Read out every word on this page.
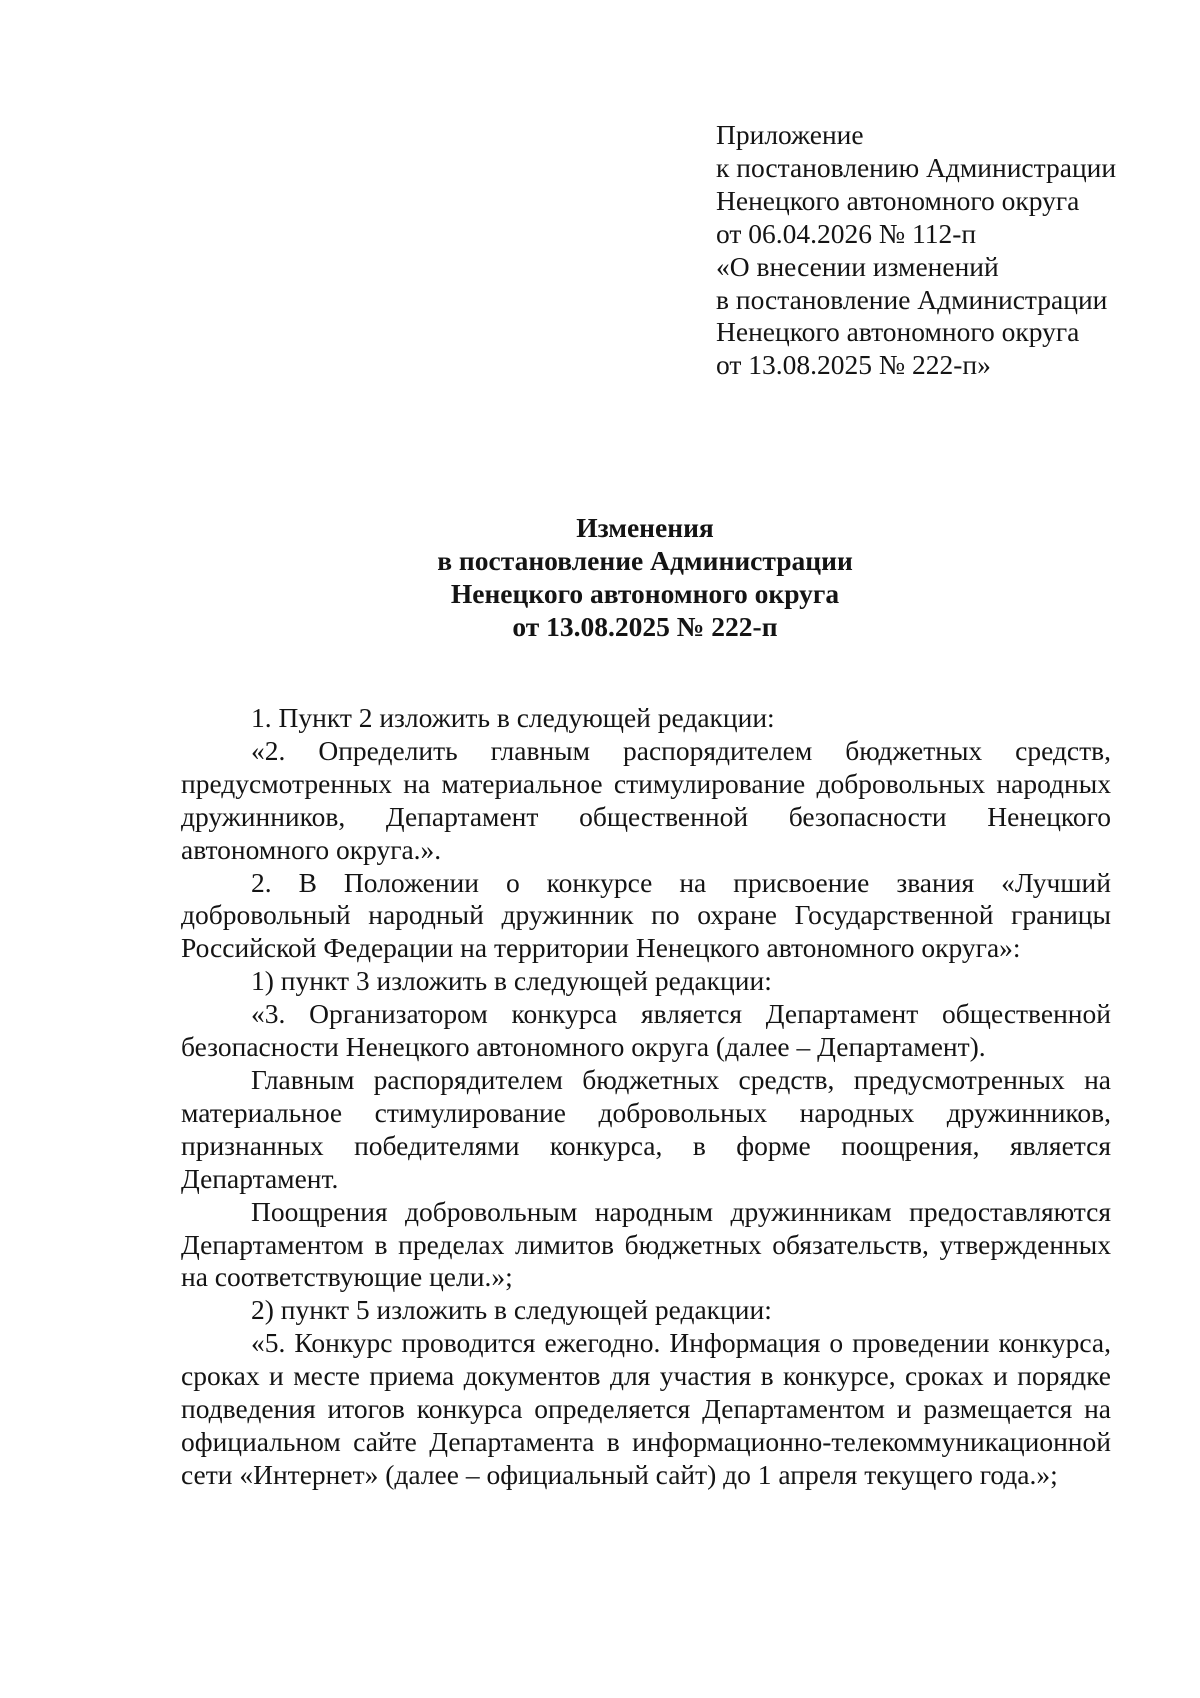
Приложение
к постановлению Администрации
Ненецкого автономного округа
от 06.04.2026 № 112-п
«О внесении изменений
в постановление Администрации
Ненецкого автономного округа
от 13.08.2025 № 222-п»
Изменения
в постановление Администрации
Ненецкого автономного округа
от 13.08.2025 № 222-п

1. Пункт 2 изложить в следующей редакции:

«2. Определить главным распорядителем бюджетных средств, предусмотренных на материальное стимулирование добровольных народных дружинников, Департамент общественной безопасности Ненецкого автономного округа.».

2. В Положении о конкурсе на присвоение звания «Лучший добровольный народный дружинник по охране Государственной границы Российской Федерации на территории Ненецкого автономного округа»:

1) пункт 3 изложить в следующей редакции:

«3. Организатором конкурса является Департамент общественной безопасности Ненецкого автономного округа (далее – Департамент).

Главным распорядителем бюджетных средств, предусмотренных на материальное стимулирование добровольных народных дружинников, признанных победителями конкурса, в форме поощрения, является Департамент.

Поощрения добровольным народным дружинникам предоставляются Департаментом в пределах лимитов бюджетных обязательств, утвержденных на соответствующие цели.»;

2) пункт 5 изложить в следующей редакции:

«5. Конкурс проводится ежегодно. Информация о проведении конкурса, сроках и месте приема документов для участия в конкурсе, сроках и порядке подведения итогов конкурса определяется Департаментом и размещается на официальном сайте Департамента в информационно-телекоммуникационной сети «Интернет» (далее – официальный сайт) до 1 апреля текущего года.»;
